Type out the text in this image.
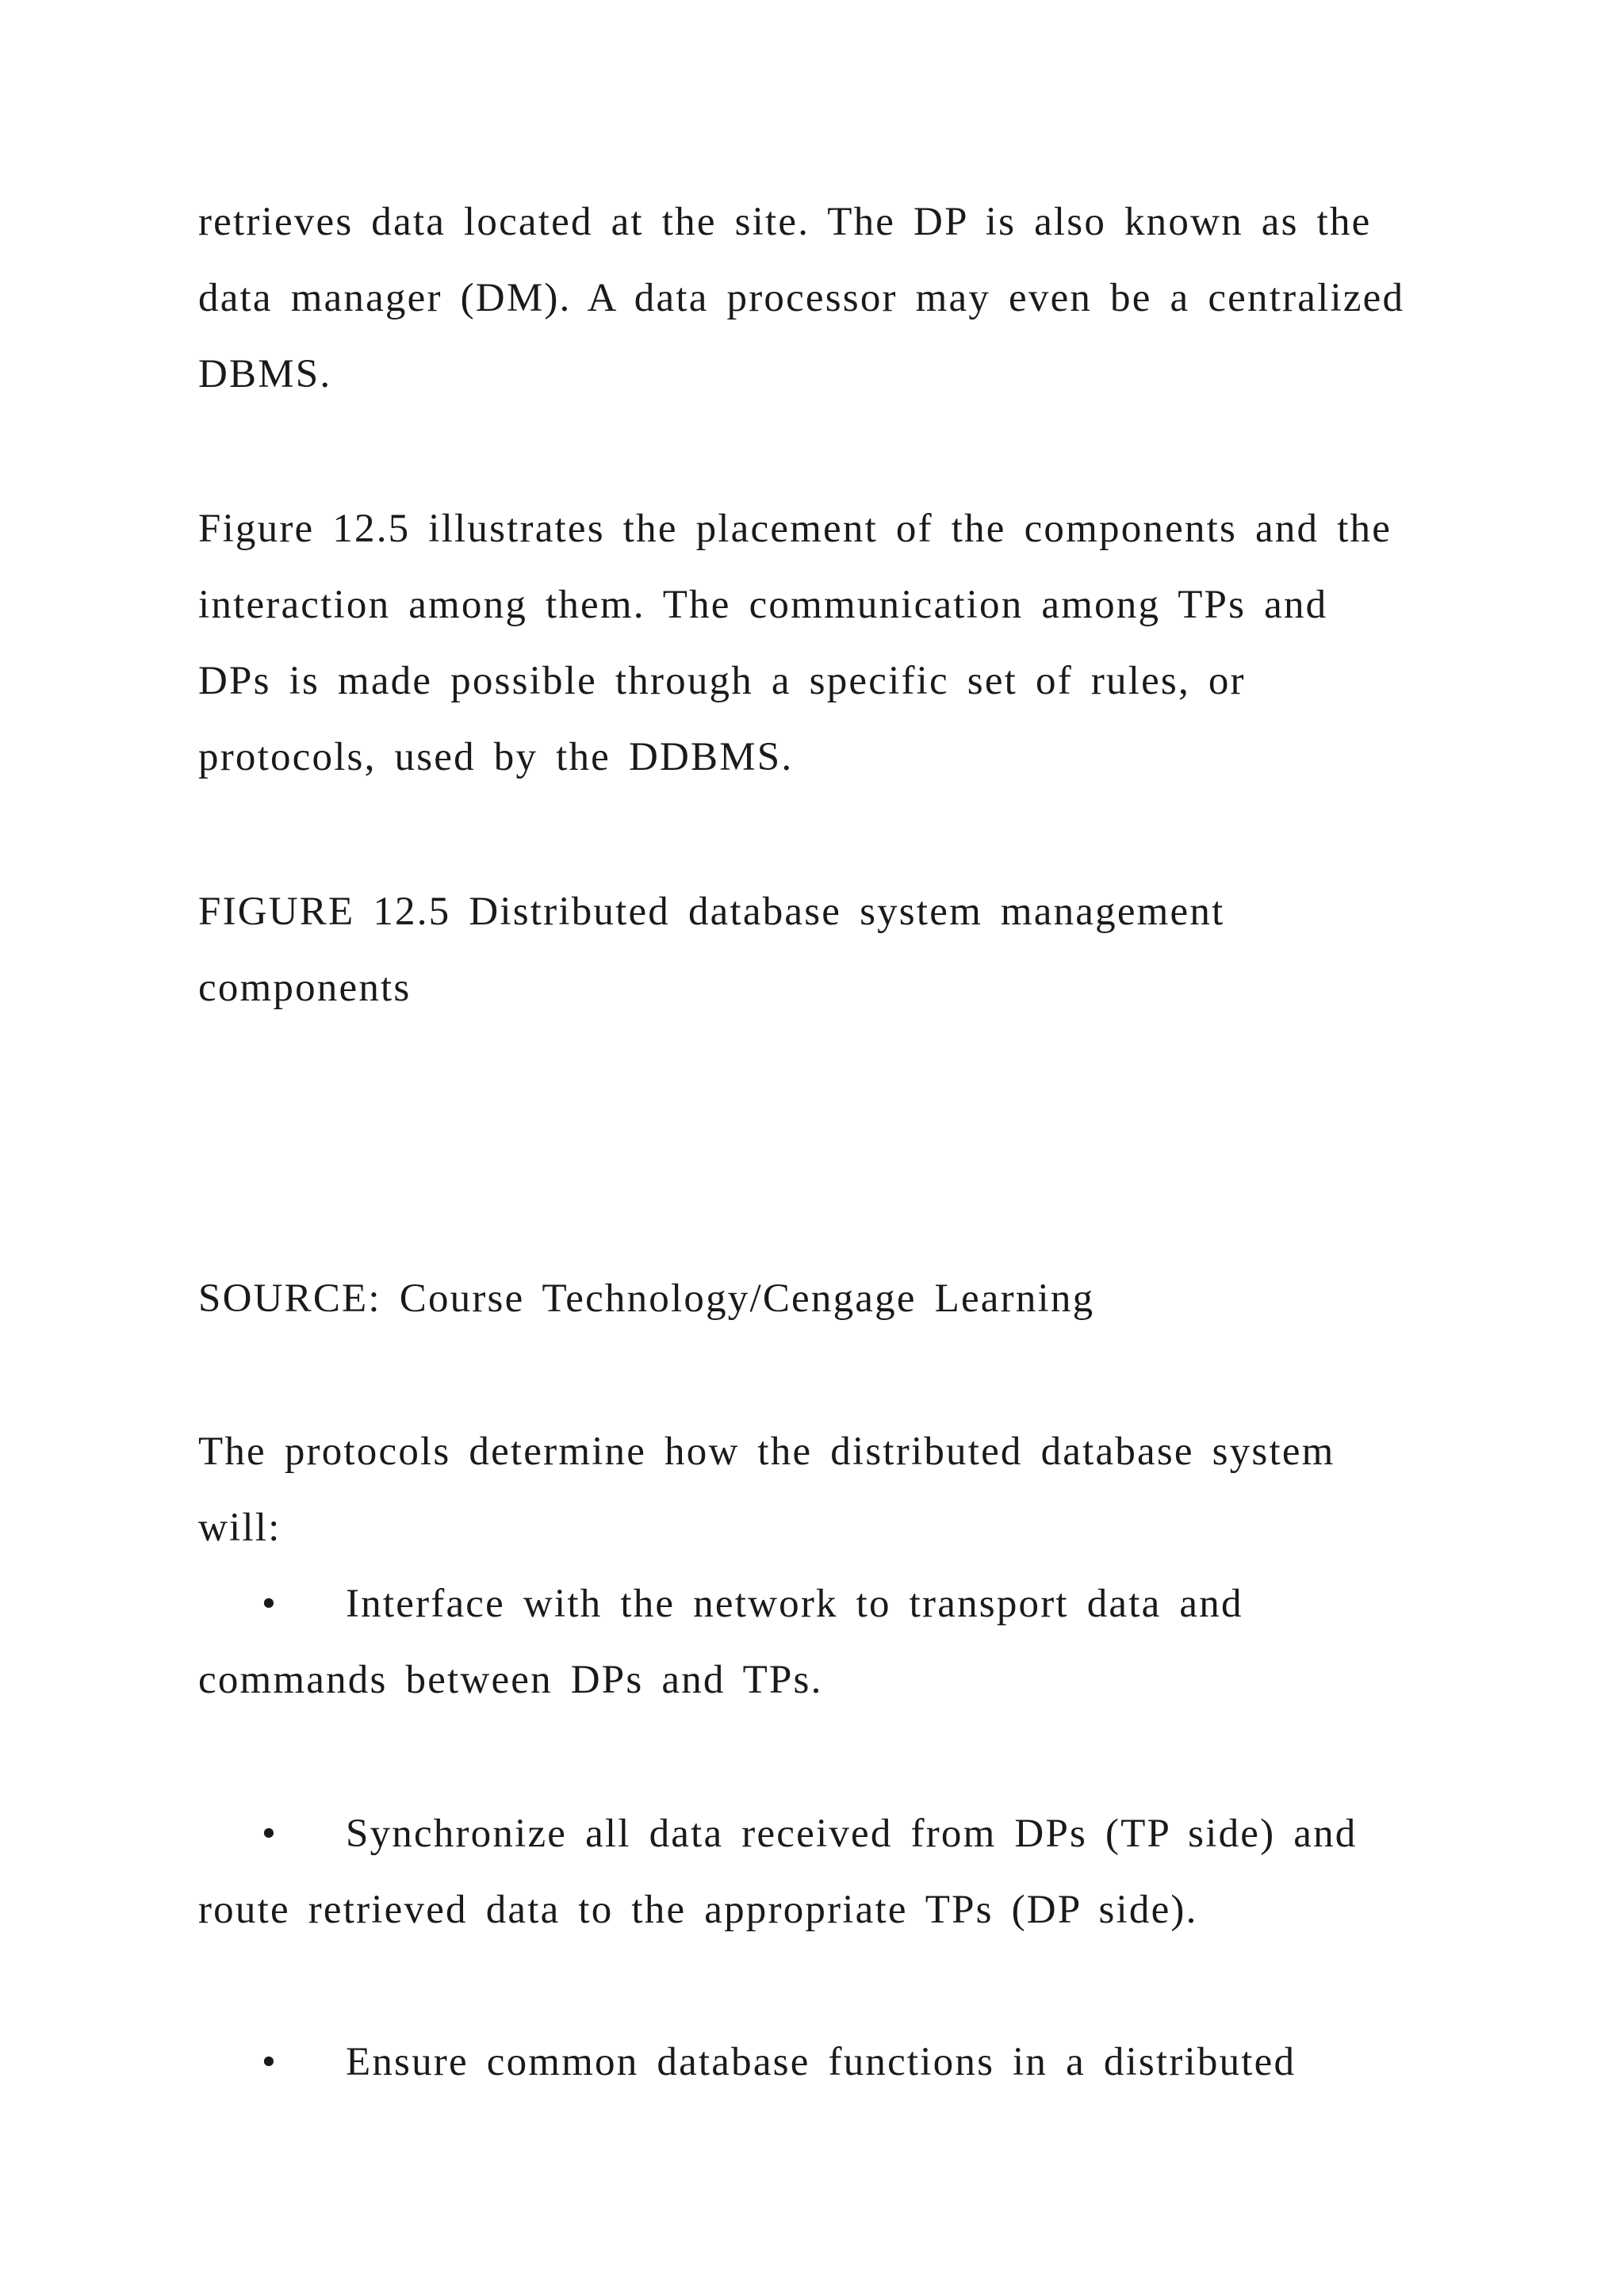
retrieves data located at the site. The DP is also known as the
data manager (DM). A data processor may even be a centralized
DBMS.
Figure 12.5 illustrates the placement of the components and the
interaction among them. The communication among TPs and
DPs is made possible through a specific set of rules, or
protocols, used by the DDBMS.
FIGURE 12.5 Distributed database system management
components
SOURCE: Course Technology/Cengage Learning
The protocols determine how the distributed database system
will:
• Interface with the network to transport data and
commands between DPs and TPs.
• Synchronize all data received from DPs (TP side) and
route retrieved data to the appropriate TPs (DP side).
• Ensure common database functions in a distributed
